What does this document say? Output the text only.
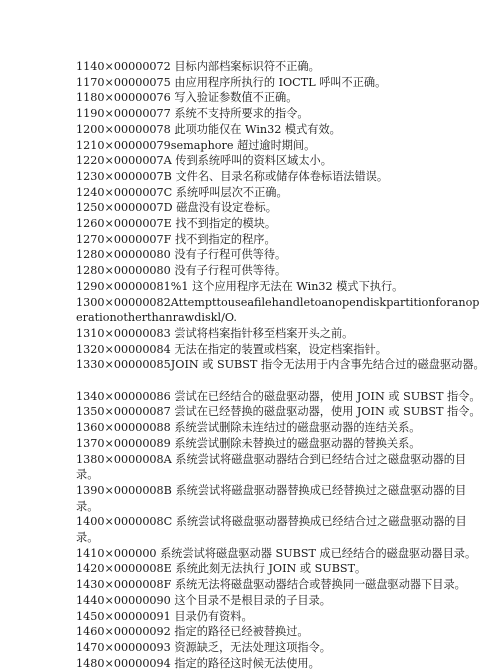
1140×00000072 目标内部档案标识符不正确。
1170×00000075 由应用程序所执行的 IOCTL 呼叫不正确。
1180×00000076 写入验证参数值不正确。
1190×00000077 系统不支持所要求的指令。
1200×00000078 此项功能仅在 Win32 模式有效。
1210×00000079semaphore 超过逾时期间。
1220×0000007A 传到系统呼叫的资料区域太小。
1230×0000007B 文件名、目录名称或储存体卷标语法错误。
1240×0000007C 系统呼叫层次不正确。
1250×0000007D 磁盘没有设定卷标。
1260×0000007E 找不到指定的模块。
1270×0000007F 找不到指定的程序。
1280×00000080 没有子行程可供等待。
1280×00000080 没有子行程可供等待。
1290×00000081%1 这个应用程序无法在 Win32 模式下执行。
1300×00000082Attempttouseafilehandletoanopendiskpartitionforanoperationotherthanrawdiskl/O.
1310×00000083 尝试将档案指针移至档案开头之前。
1320×00000084 无法在指定的装置或档案，设定档案指针。
1330×00000085JOIN 或 SUBST 指令无法用于内含事先结合过的磁盘驱动器。
1340×00000086 尝试在已经结合的磁盘驱动器，使用 JOIN 或 SUBST 指令。
1350×00000087 尝试在已经替换的磁盘驱动器，使用 JOIN 或 SUBST 指令。
1360×00000088 系统尝试删除未连结过的磁盘驱动器的连结关系。
1370×00000089 系统尝试删除未替换过的磁盘驱动器的替换关系。
1380×0000008A 系统尝试将磁盘驱动器结合到已经结合过之磁盘驱动器的目录。
1390×0000008B 系统尝试将磁盘驱动器替换成已经替换过之磁盘驱动器的目录。
1400×0000008C 系统尝试将磁盘驱动器替换成已经结合过之磁盘驱动器的目录。
1410×000000 系统尝试将磁盘驱动器 SUBST 成已经结合的磁盘驱动器目录。
1420×0000008E 系统此刻无法执行 JOIN 或 SUBST。
1430×0000008F 系统无法将磁盘驱动器结合或替换同一磁盘驱动器下目录。
1440×00000090 这个目录不是根目录的子目录。
1450×00000091 目录仍有资料。
1460×00000092 指定的路径已经被替换过。
1470×00000093 资源缺乏，无法处理这项指令。
1480×00000094 指定的路径这时候无法使用。
